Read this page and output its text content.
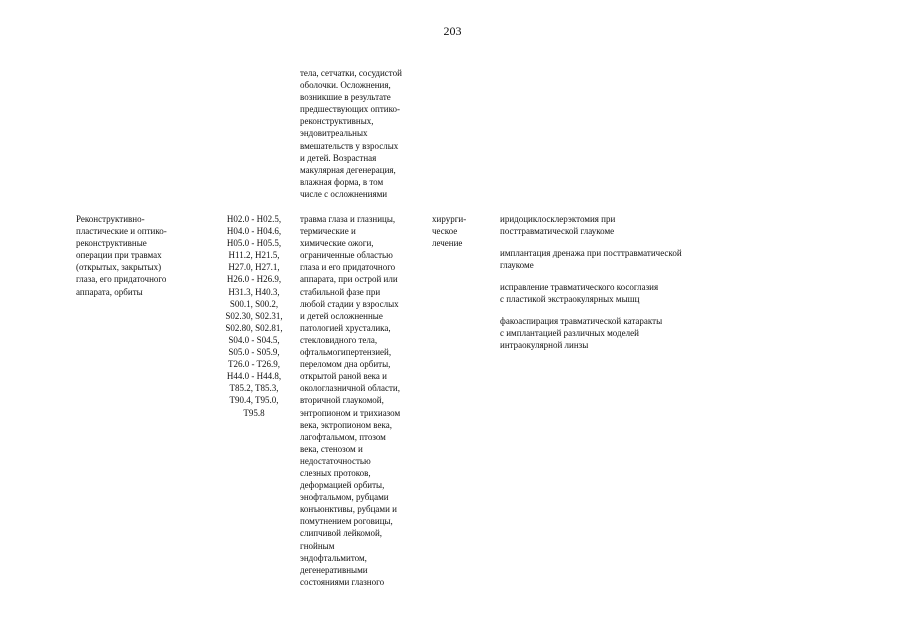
203
тела, сетчатки, сосудистой
оболочки. Осложнения,
возникшие в результате
предшествующих оптико-
реконструктивных,
эндовитреальных
вмешательств у взрослых
и детей. Возрастная
макулярная дегенерация,
влажная форма, в том
числе с осложнениями
Реконструктивно-
пластические и оптико-
реконструктивные
операции при травмах
(открытых, закрытых)
глаза, его придаточного
аппарата, орбиты
H02.0 - H02.5,
H04.0 - H04.6,
H05.0 - H05.5,
H11.2, H21.5,
H27.0, H27.1,
H26.0 - H26.9,
H31.3, H40.3,
S00.1, S00.2,
S02.30, S02.31,
S02.80, S02.81,
S04.0 - S04.5,
S05.0 - S05.9,
T26.0 - T26.9,
H44.0 - H44.8,
T85.2, T85.3,
T90.4, T95.0,
T95.8
травма глаза и глазницы,
термические и
химические ожоги,
ограниченные областью
глаза и его придаточного
аппарата, при острой или
стабильной фазе при
любой стадии у взрослых
и детей осложненные
патологией хрусталика,
стекловидного тела,
офтальмогипертензией,
переломом дна орбиты,
открытой раной века и
окологлазничной области,
вторичной глаукомой,
энтропионом и трихиазом
века, эктропионом века,
лагофтальмом, птозом
века, стенозом и
недостаточностью
слезных протоков,
деформацией орбиты,
энофтальмом, рубцами
конъюнктивы, рубцами и
помутнением роговицы,
слипчивой лейкомой,
гнойным
эндофтальмитом,
дегенеративными
состояниями глазного
хирурги-
ческое
лечение
иридоциклосклерэктомия при
посттравматической глаукоме
имплантация дренажа при посттравматической
глаукоме
исправление травматического косоглазия
с пластикой экстраокулярных мышц
факоаспирация травматической катаракты
с имплантацией различных моделей
интраокулярной линзы
